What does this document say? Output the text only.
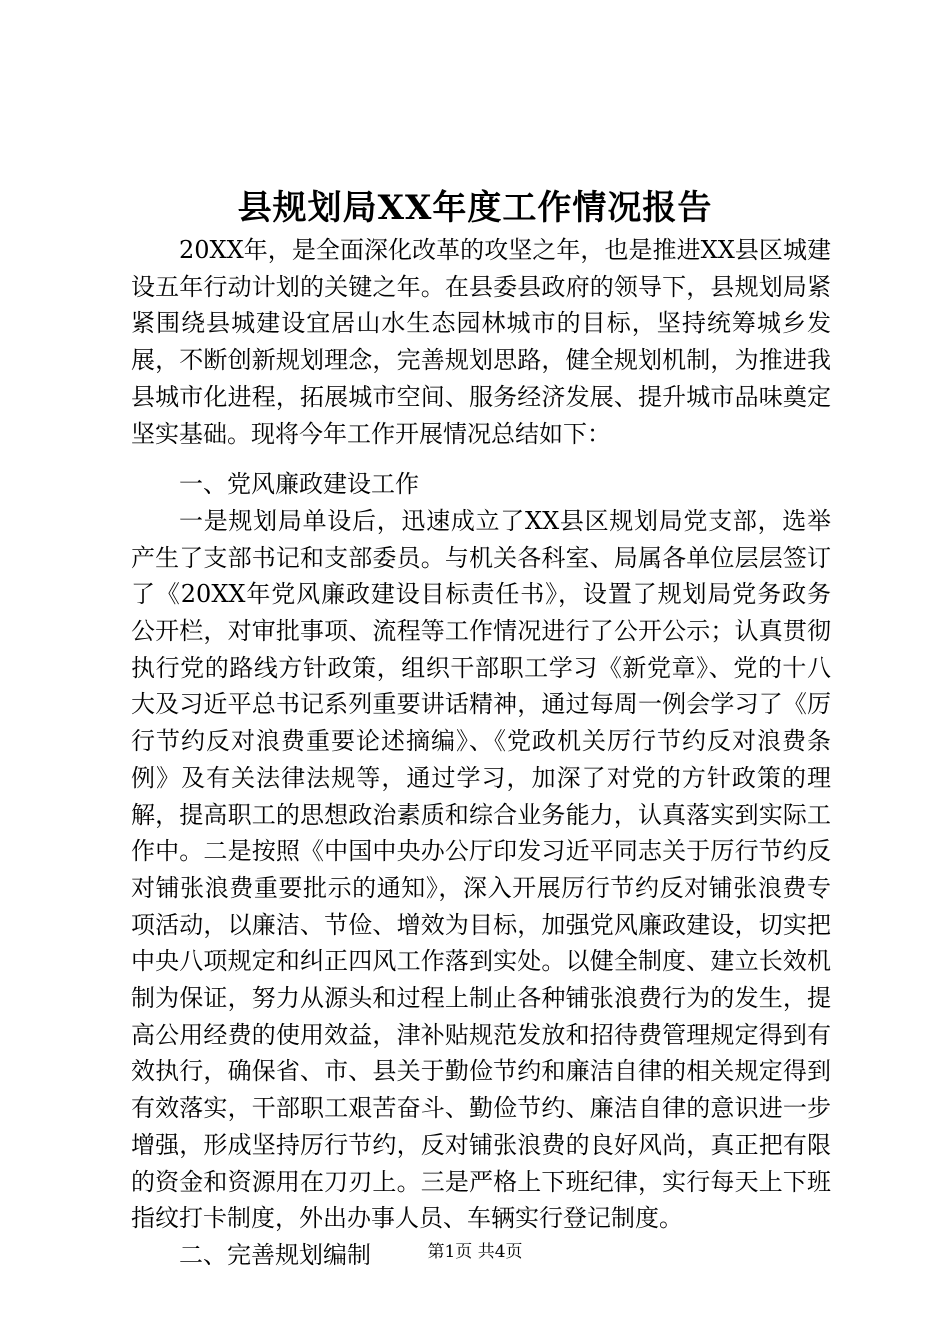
县规划局XX年度工作情况报告

20XX年，是全面深化改革的攻坚之年，也是推进XX县区城建设五年行动计划的关键之年。在县委县政府的领导下，县规划局紧紧围绕县城建设宜居山水生态园林城市的目标，坚持统筹城乡发展，不断创新规划理念，完善规划思路，健全规划机制，为推进我县城市化进程，拓展城市空间、服务经济发展、提升城市品味奠定坚实基础。现将今年工作开展情况总结如下：

一、党风廉政建设工作

一是规划局单设后，迅速成立了XX县区规划局党支部，选举产生了支部书记和支部委员。与机关各科室、局属各单位层层签订了《20XX年党风廉政建设目标责任书》，设置了规划局党务政务公开栏，对审批事项、流程等工作情况进行了公开公示；认真贯彻执行党的路线方针政策，组织干部职工学习《新党章》、党的十八大及习近平总书记系列重要讲话精神，通过每周一例会学习了《厉行节约反对浪费重要论述摘编》、《党政机关厉行节约反对浪费条例》及有关法律法规等，通过学习，加深了对党的方针政策的理解，提高职工的思想政治素质和综合业务能力，认真落实到实际工作中。二是按照《中国中央办公厅印发习近平同志关于厉行节约反对铺张浪费重要批示的通知》，深入开展厉行节约反对铺张浪费专项活动，以廉洁、节俭、增效为目标，加强党风廉政建设，切实把中央八项规定和纠正四风工作落到实处。以健全制度、建立长效机制为保证，努力从源头和过程上制止各种铺张浪费行为的发生，提高公用经费的使用效益，津补贴规范发放和招待费管理规定得到有效执行，确保省、市、县关于勤俭节约和廉洁自律的相关规定得到有效落实，干部职工艰苦奋斗、勤俭节约、廉洁自律的意识进一步增强，形成坚持厉行节约，反对铺张浪费的良好风尚，真正把有限的资金和资源用在刀刃上。三是严格上下班纪律，实行每天上下班指纹打卡制度，外出办事人员、车辆实行登记制度。

二、完善规划编制	第1页 共4页
